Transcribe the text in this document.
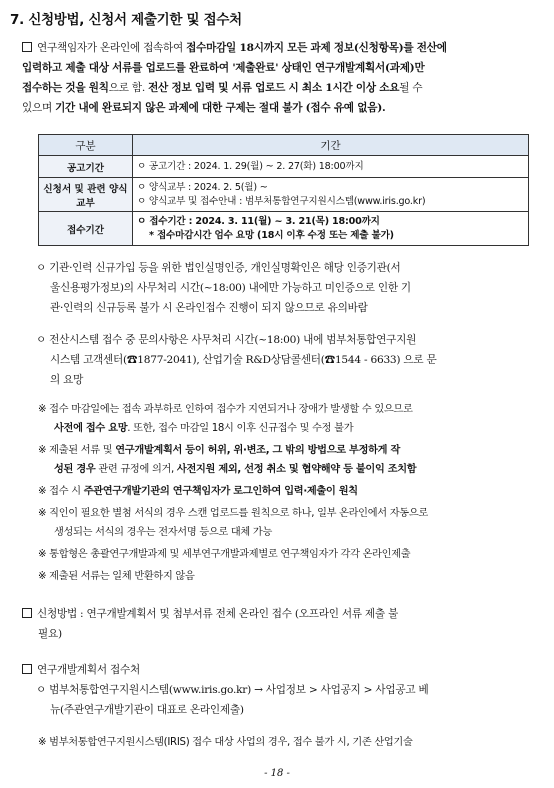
7. 신청방법, 신청서 제출기한 및 접수처
연구책임자가 온라인에 접속하여 접수마감일 18시까지 모든 과제 정보(신청항목)를 전산에
입력하고 제출 대상 서류를 업로드를 완료하여 '제출완료' 상태인 연구개발계획서(과제)만
접수하는 것을 원칙으로 함. 전산 정보 입력 및 서류 업로드 시 최소 1시간 이상 소요될 수
있으며 기간 내에 완료되지 않은 과제에 대한 구제는 절대 불가 (접수 유예 없음).
구분	기간
공고기간	ㅇ 공고기간 : 2024. 1. 29(월) ~ 2. 27(화) 18:00까지

신청서 및 관련 양식 교부	ㅇ 양식교부 : 2024. 2. 5(월) ~
ㅇ 양식교부 및 접수안내 : 범부처통합연구지원시스템(www.iris.go.kr)

접수기간	ㅇ 접수기간 : 2024. 3. 11(월) ~ 3. 21(목) 18:00까지
* 접수마감시간 엄수 요망 (18시 이후 수정 또는 제출 불가)
ㅇ 기관·인력 신규가입 등을 위한 법인실명인증, 개인실명확인은 해당 인증기관(서
울신용평가정보)의 사무처리 시간(~18:00) 내에만 가능하고 미인증으로 인한 기
관·인력의 신규등록 불가 시 온라인접수 진행이 되지 않으므로 유의바람
ㅇ 전산시스템 접수 중 문의사항은 사무처리 시간(~18:00) 내에 범부처통합연구지원
시스템 고객센터(☎1877-2041), 산업기술 R&D상담콜센터(☎1544 - 6633) 으로 문
의 요망
※ 접수 마감일에는 접속 과부하로 인하여 접수가 지연되거나 장애가 발생할 수 있으므로
사전에 접수 요망. 또한, 접수 마감일 18시 이후 신규접수 및 수정 불가
※ 제출된 서류 및 연구개발계획서 등이 허위, 위·변조, 그 밖의 방법으로 부정하게 작
성된 경우 관련 규정에 의거, 사전지원 제외, 선정 취소 및 협약해약 등 불이익 조치함
※ 접수 시 주관연구개발기관의 연구책임자가 로그인하여 입력·제출이 원칙
※ 직인이 필요한 별첨 서식의 경우 스캔 업로드를 원칙으로 하나, 일부 온라인에서 자동으로
생성되는 서식의 경우는 전자서명 등으로 대체 가능
※ 통합형은 총괄연구개발과제 및 세부연구개발과제별로 연구책임자가 각각 온라인제출
※ 제출된 서류는 일체 반환하지 않음
신청방법 : 연구개발계획서 및 첨부서류 전체 온라인 접수 (오프라인 서류 제출 불
필요)
연구개발계획서 접수처
ㅇ 범부처통합연구지원시스템(www.iris.go.kr) → 사업정보 > 사업공지 > 사업공고 베
뉴(주관연구개발기관이 대표로 온라인제출)
※ 범부처통합연구지원시스템(IRIS) 접수 대상 사업의 경우, 접수 불가 시, 기존 산업기술
- 18 -
